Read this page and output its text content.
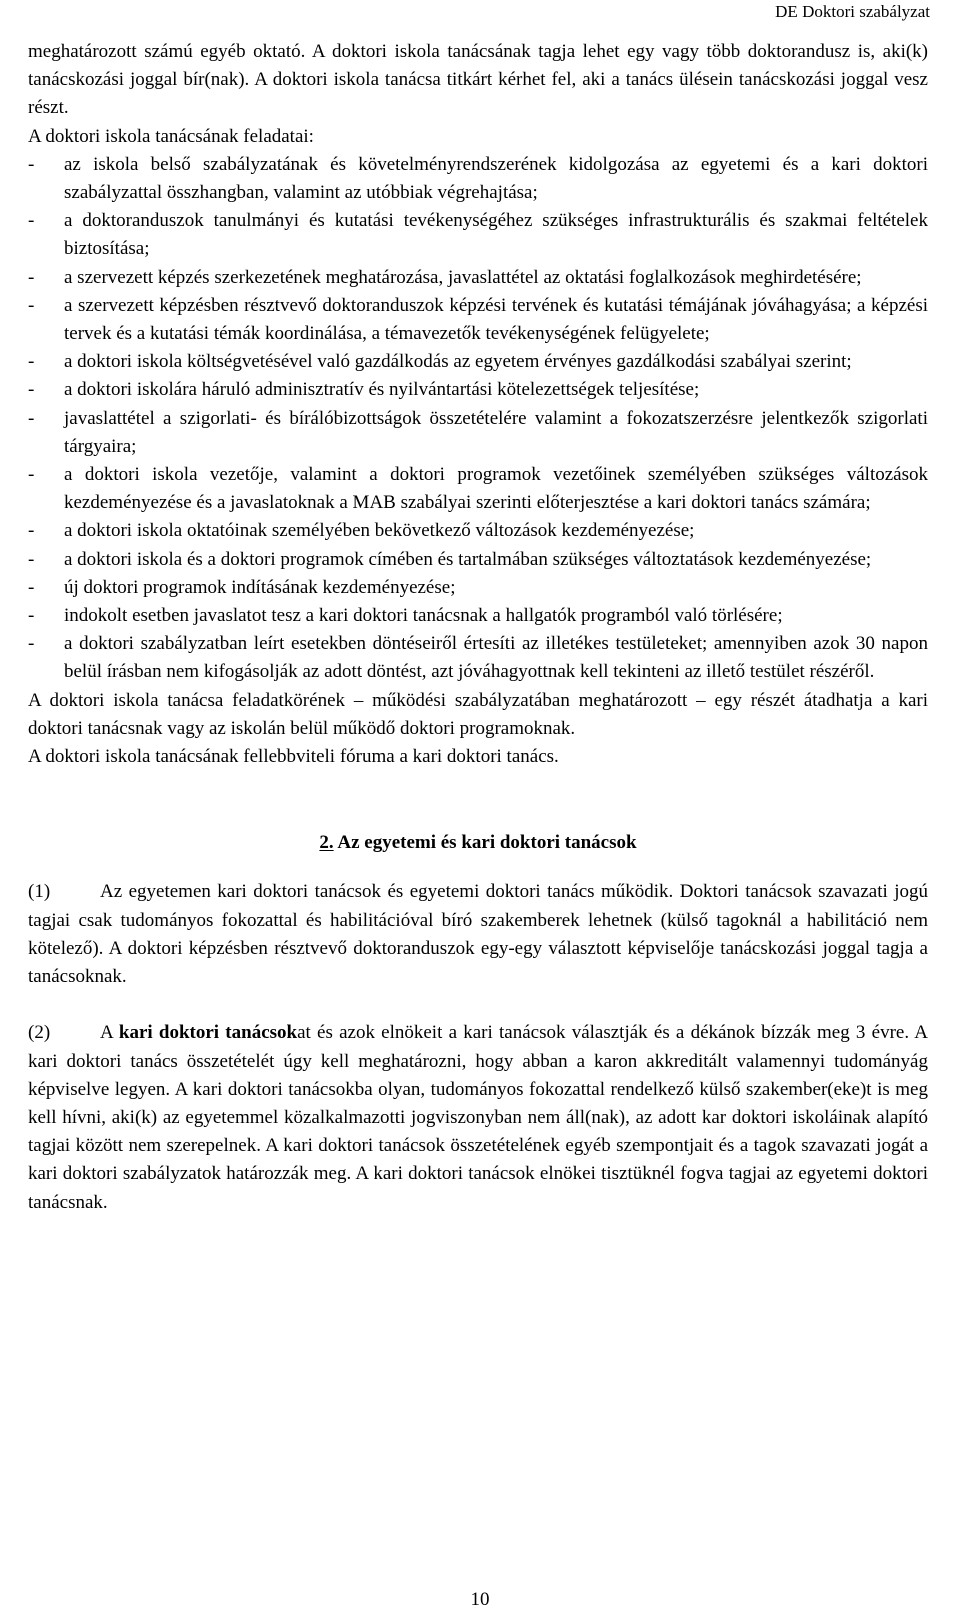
DE Doktori szabályzat

meghatározott számú egyéb oktató. A doktori iskola tanácsának tagja lehet egy vagy több doktorandusz is, aki(k) tanácskozási joggal bír(nak). A doktori iskola tanácsa titkárt kérhet fel, aki a tanács ülésein tanácskozási joggal vesz részt.

A doktori iskola tanácsának feladatai:

- az iskola belső szabályzatának és követelményrendszerének kidolgozása az egyetemi és a kari doktori szabályzattal összhangban, valamint az utóbbiak végrehajtása;
- a doktoranduszok tanulmányi és kutatási tevékenységéhez szükséges infrastrukturális és szakmai feltételek biztosítása;
- a szervezett képzés szerkezetének meghatározása, javaslattétel az oktatási foglalkozások meghirdetésére;
- a szervezett képzésben résztvevő doktoranduszok képzési tervének és kutatási témájának jóváhagyása; a képzési tervek és a kutatási témák koordinálása, a témavezetők tevékenységének felügyelete;
- a doktori iskola költségvetésével való gazdálkodás az egyetem érvényes gazdálkodási szabályai szerint;
- a doktori iskolára háruló adminisztratív és nyilvántartási kötelezettségek teljesítése;
- javaslattétel a szigorlati- és bírálóbizottságok összetételére valamint a fokozatszerzésre jelentkezők szigorlati tárgyaira;
- a doktori iskola vezetője, valamint a doktori programok vezetőinek személyében szükséges változások kezdeményezése és a javaslatoknak a MAB szabályai szerinti előterjesztése a kari doktori tanács számára;
- a doktori iskola oktatóinak személyében bekövetkező változások kezdeményezése;
- a doktori iskola és a doktori programok címében és tartalmában szükséges változtatások kezdeményezése;
- új doktori programok indításának kezdeményezése;
- indokolt esetben javaslatot tesz a kari doktori tanácsnak a hallgatók programból való törlésére;
- a doktori szabályzatban leírt esetekben döntéseiről értesíti az illetékes testületeket; amennyiben azok 30 napon belül írásban nem kifogásolják az adott döntést, azt jóváhagyottnak kell tekinteni az illető testület részéről.

A doktori iskola tanácsa feladatkörének – működési szabályzatában meghatározott – egy részét átadhatja a kari doktori tanácsnak vagy az iskolán belül működő doktori programoknak.

A doktori iskola tanácsának fellebbviteli fóruma a kari doktori tanács.

2. Az egyetemi és kari doktori tanácsok

(1)	Az egyetemen kari doktori tanácsok és egyetemi doktori tanács működik. Doktori tanácsok szavazati jogú tagjai csak tudományos fokozattal és habilitációval bíró szakemberek lehetnek (külső tagoknál a habilitáció nem kötelező). A doktori képzésben résztvevő doktoranduszok egy-egy választott képviselője tanácskozási joggal tagja a tanácsoknak.

(2)	A kari doktori tanácsokat és azok elnökeit a kari tanácsok választják és a dékánok bízzák meg 3 évre. A kari doktori tanács összetételét úgy kell meghatározni, hogy abban a karon akkreditált valamennyi tudományág képviselve legyen. A kari doktori tanácsokba olyan, tudományos fokozattal rendelkező külső szakember(eke)t is meg kell hívni, aki(k) az egyetemmel közalkalmazotti jogviszonyban nem áll(nak), az adott kar doktori iskoláinak alapító tagjai között nem szerepelnek. A kari doktori tanácsok összetételének egyéb szempontjait és a tagok szavazati jogát a kari doktori szabályzatok határozzák meg. A kari doktori tanácsok elnökei tisztüknél fogva tagjai az egyetemi doktori tanácsnak.

10
